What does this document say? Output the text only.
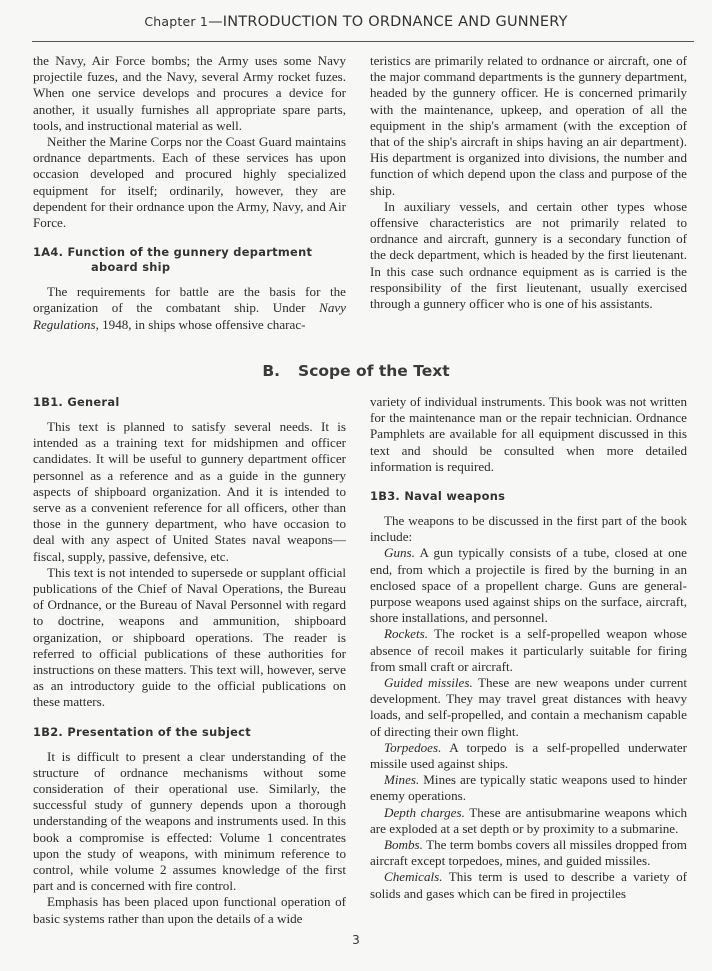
Chapter 1—INTRODUCTION TO ORDNANCE AND GUNNERY

the Navy, Air Force bombs; the Army uses some Navy projectile fuzes, and the Navy, several Army rocket fuzes. When one service develops and procures a device for another, it usually furnishes all appropriate spare parts, tools, and instructional material as well.

Neither the Marine Corps nor the Coast Guard maintains ordnance departments. Each of these services has upon occasion developed and procured highly specialized equipment for itself; ordinarily, however, they are dependent for their ordnance upon the Army, Navy, and Air Force.

1A4. Function of the gunnery department aboard ship

The requirements for battle are the basis for the organization of the combatant ship. Under Navy Regulations, 1948, in ships whose offensive charac-

teristics are primarily related to ordnance or aircraft, one of the major command departments is the gunnery department, headed by the gunnery officer. He is concerned primarily with the maintenance, upkeep, and operation of all the equipment in the ship's armament (with the exception of that of the ship's aircraft in ships having an air department). His department is organized into divisions, the number and function of which depend upon the class and purpose of the ship.

In auxiliary vessels, and certain other types whose offensive characteristics are not primarily related to ordnance and aircraft, gunnery is a secondary function of the deck department, which is headed by the first lieutenant. In this case such ordnance equipment as is carried is the responsibility of the first lieutenant, usually exercised through a gunnery officer who is one of his assistants.

B. Scope of the Text
1B1. General

This text is planned to satisfy several needs. It is intended as a training text for midshipmen and officer candidates. It will be useful to gunnery department officer personnel as a reference and as a guide in the gunnery aspects of shipboard organization. And it is intended to serve as a convenient reference for all officers, other than those in the gunnery department, who have occasion to deal with any aspect of United States naval weapons—fiscal, supply, passive, defensive, etc.

This text is not intended to supersede or supplant official publications of the Chief of Naval Operations, the Bureau of Ordnance, or the Bureau of Naval Personnel with regard to doctrine, weapons and ammunition, shipboard organization, or shipboard operations. The reader is referred to official publications of these authorities for instructions on these matters. This text will, however, serve as an introductory guide to the official publications on these matters.

1B2. Presentation of the subject

It is difficult to present a clear understanding of the structure of ordnance mechanisms without some consideration of their operational use. Similarly, the successful study of gunnery depends upon a thorough understanding of the weapons and instruments used. In this book a compromise is effected: Volume 1 concentrates upon the study of weapons, with minimum reference to control, while volume 2 assumes knowledge of the first part and is concerned with fire control.

Emphasis has been placed upon functional operation of basic systems rather than upon the details of a wide

variety of individual instruments. This book was not written for the maintenance man or the repair technician. Ordnance Pamphlets are available for all equipment discussed in this text and should be consulted when more detailed information is required.

1B3. Naval weapons

The weapons to be discussed in the first part of the book include:

Guns. A gun typically consists of a tube, closed at one end, from which a projectile is fired by the burning in an enclosed space of a propellent charge. Guns are general-purpose weapons used against ships on the surface, aircraft, shore installations, and personnel.

Rockets. The rocket is a self-propelled weapon whose absence of recoil makes it particularly suitable for firing from small craft or aircraft.

Guided missiles. These are new weapons under current development. They may travel great distances with heavy loads, and self-propelled, and contain a mechanism capable of directing their own flight.

Torpedoes. A torpedo is a self-propelled underwater missile used against ships.

Mines. Mines are typically static weapons used to hinder enemy operations.

Depth charges. These are antisubmarine weapons which are exploded at a set depth or by proximity to a submarine.

Bombs. The term bombs covers all missiles dropped from aircraft except torpedoes, mines, and guided missiles.

Chemicals. This term is used to describe a variety of solids and gases which can be fired in projectiles

3
